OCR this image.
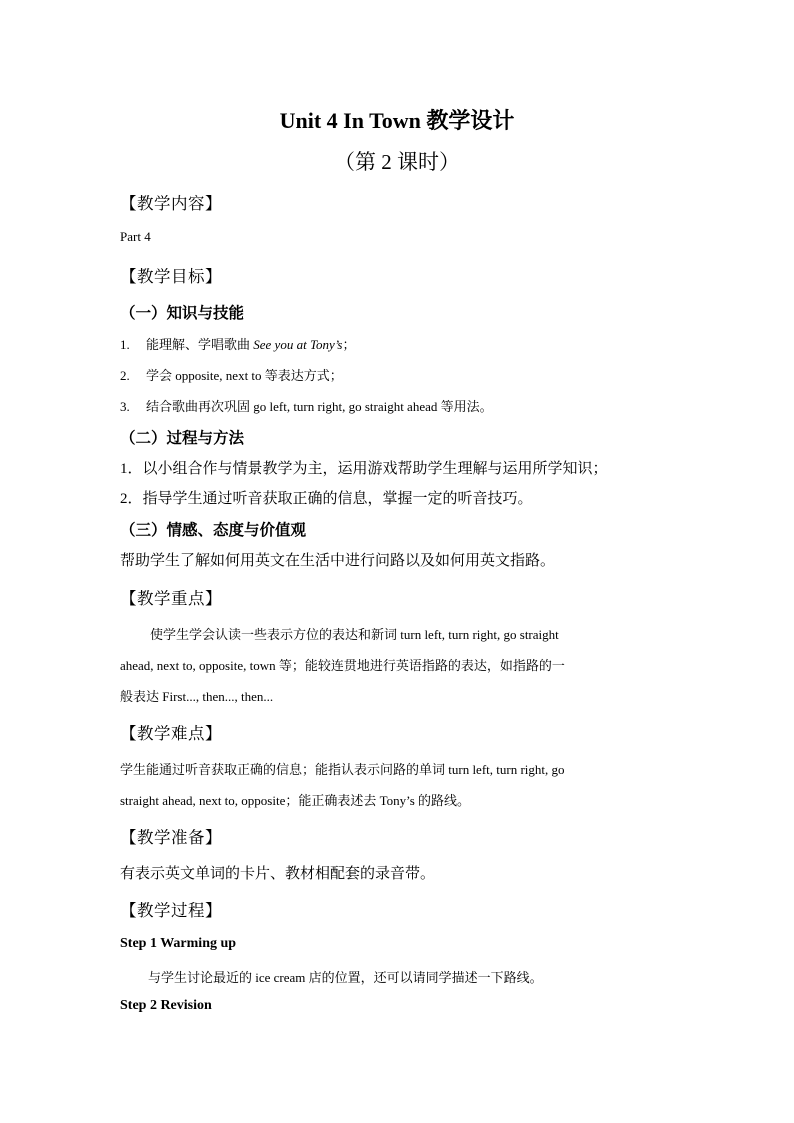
Unit 4 In Town 教学设计
（第 2 课时）
【教学内容】
Part 4
【教学目标】
（一）知识与技能
1. 能理解、学唱歌曲 See you at Tony’s；
2. 学会 opposite, next to 等表达方式；
3. 结合歌曲再次巩固 go left, turn right, go straight ahead 等用法。
（二）过程与方法
1．以小组合作与情景教学为主，运用游戏帮助学生理解与运用所学知识；
2．指导学生通过听音获取正确的信息，掌握一定的听音技巧。
（三）情感、态度与价值观
帮助学生了解如何用英文在生活中进行问路以及如何用英文指路。
【教学重点】
使学生学会认读一些表示方位的表达和新词 turn left, turn right, go straight
ahead, next to, opposite, town 等；能较连贯地进行英语指路的表达，如指路的一
般表达 First..., then..., then...
【教学难点】
学生能通过听音获取正确的信息；能指认表示问路的单词 turn left, turn right, go
straight ahead, next to, opposite；能正确表述去 Tony’s 的路线。
【教学准备】
有表示英文单词的卡片、教材相配套的录音带。
【教学过程】
Step 1 Warming up
与学生讨论最近的 ice cream 店的位置，还可以请同学描述一下路线。
Step 2 Revision
